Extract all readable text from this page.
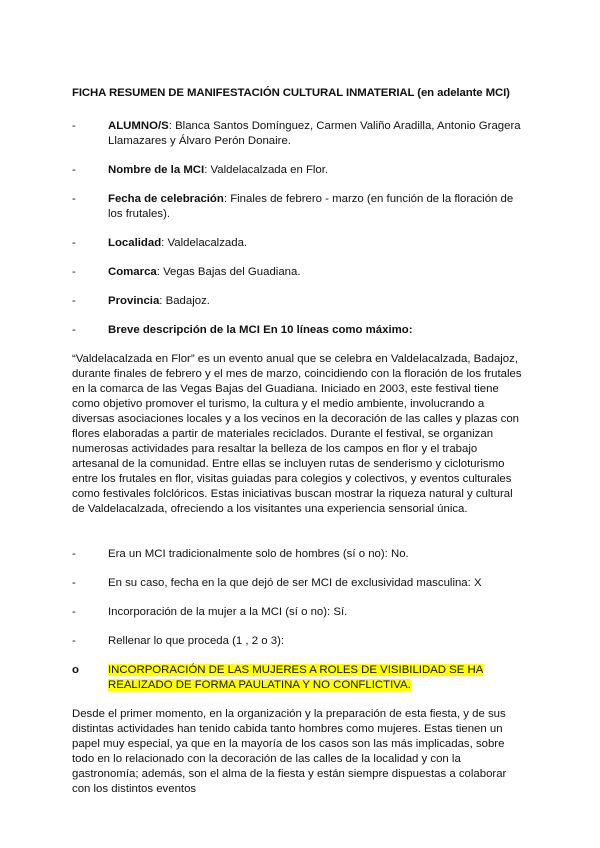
FICHA RESUMEN DE MANIFESTACIÓN CULTURAL INMATERIAL (en adelante MCI)

-	ALUMNO/S: Blanca Santos Domínguez, Carmen Valiño Aradilla, Antonio Gragera Llamazares y Álvaro Perón Donaire.

-	Nombre de la MCI: Valdelacalzada en Flor.

-	Fecha de celebración: Finales de febrero - marzo (en función de la floración de los frutales).

-	Localidad: Valdelacalzada.

-	Comarca: Vegas Bajas del Guadiana.

-	Provincia: Badajoz.

-	Breve descripción de la MCI En 10 líneas como máximo:

“Valdelacalzada en Flor” es un evento anual que se celebra en Valdelacalzada, Badajoz, durante finales de febrero y el mes de marzo, coincidiendo con la floración de los frutales en la comarca de las Vegas Bajas del Guadiana. Iniciado en 2003, este festival tiene como objetivo promover el turismo, la cultura y el medio ambiente, involucrando a diversas asociaciones locales y a los vecinos en la decoración de las calles y plazas con flores elaboradas a partir de materiales reciclados. Durante el festival, se organizan numerosas actividades para resaltar la belleza de los campos en flor y el trabajo artesanal de la comunidad. Entre ellas se incluyen rutas de senderismo y cicloturismo entre los frutales en flor, visitas guiadas para colegios y colectivos, y eventos culturales como festivales folclóricos. Estas iniciativas buscan mostrar la riqueza natural y cultural de Valdelacalzada, ofreciendo a los visitantes una experiencia sensorial única.

-	Era un MCI tradicionalmente solo de hombres (sí o no): No.

-	En su caso, fecha en la que dejó de ser MCI de exclusividad masculina: X

-	Incorporación de la mujer a la MCI (sí o no): Sí.

-	Rellenar lo que proceda (1 , 2 o 3):

o	INCORPORACIÓN DE LAS MUJERES A ROLES DE VISIBILIDAD SE HA REALIZADO DE FORMA PAULATINA Y NO CONFLICTIVA.

Desde el primer momento, en la organización y la preparación de esta fiesta, y de sus distintas actividades han tenido cabida tanto hombres como mujeres. Estas tienen un papel muy especial, ya que en la mayoría de los casos son las más implicadas, sobre todo en lo relacionado con la decoración de las calles de la localidad y con la gastronomía; además, son el alma de la fiesta y están siempre dispuestas a colaborar con los distintos eventos
